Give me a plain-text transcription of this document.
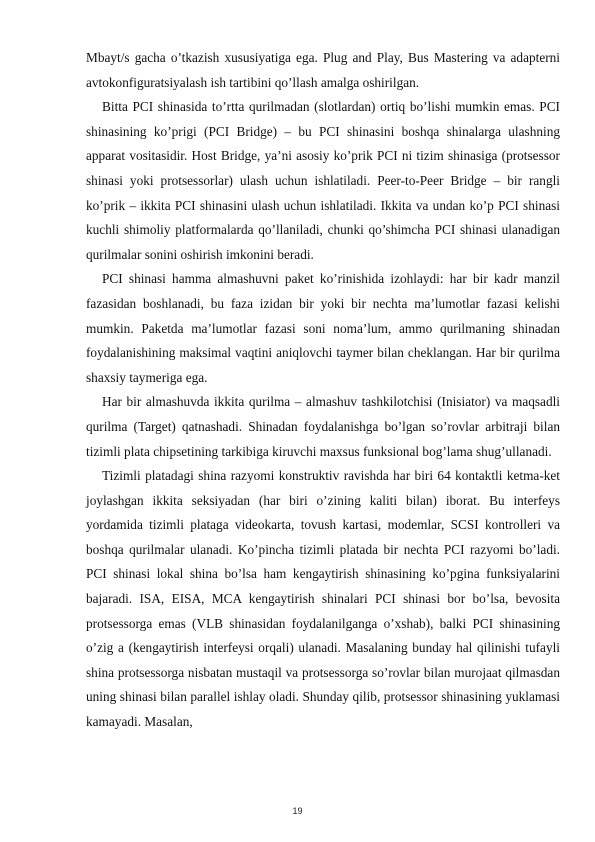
Mbayt/s gacha o’tkazish xususiyatiga ega. Plug and Play, Bus Mastering va adapterni avtokonfiguratsiyalash ish tartibini qo’llash amalga oshirilgan.

Bitta PCI shinasida to’rtta qurilmadan (slotlardan) ortiq bo’lishi mumkin emas. PCI shinasining ko’prigi (PCI Bridge) – bu PCI shinasini boshqa shinalarga ulashning apparat vositasidir. Host Bridge, ya’ni asosiy ko’prik PCI ni tizim shinasiga (protsessor shinasi yoki protsessorlar) ulash uchun ishlatiladi. Peer-to-Peer Bridge – bir rangli ko’prik – ikkita PCI shinasini ulash uchun ishlatiladi. Ikkita va undan ko’p PCI shinasi kuchli shimoliy platformalarda qo’llaniladi, chunki qo’shimcha PCI shinasi ulanadigan qurilmalar sonini oshirish imkonini beradi.

PCI shinasi hamma almashuvni paket ko’rinishida izohlaydi: har bir kadr manzil fazasidan boshlanadi, bu faza izidan bir yoki bir nechta ma’lumotlar fazasi kelishi mumkin. Paketda ma’lumotlar fazasi soni noma’lum, ammo qurilmaning shinadan foydalanishining maksimal vaqtini aniqlovchi taymer bilan cheklangan. Har bir qurilma shaxsiy taymeriga ega.

Har bir almashuvda ikkita qurilma – almashuv tashkilotchisi (Inisiator) va maqsadli qurilma (Target) qatnashadi. Shinadan foydalanishga bo’lgan so’rovlar arbitraji bilan tizimli plata chipsetining tarkibiga kiruvchi maxsus funksional bog’lama shug’ullanadi.

Tizimli platadagi shina razyomi konstruktiv ravishda har biri 64 kontaktli ketma-ket joylashgan ikkita seksiyadan (har biri o’zining kaliti bilan) iborat. Bu interfeys yordamida tizimli plataga videokarta, tovush kartasi, modemlar, SCSI kontrolleri va boshqa qurilmalar ulanadi. Ko’pincha tizimli platada bir nechta PCI razyomi bo’ladi. PCI shinasi lokal shina bo’lsa ham kengaytirish shinasining ko’pgina funksiyalarini bajaradi. ISA, EISA, MCA kengaytirish shinalari PCI shinasi bor bo’lsa, bevosita protsessorga emas (VLB shinasidan foydalanilganga o’xshab), balki PCI shinasining o’zig a (kengaytirish interfeysi orqali) ulanadi. Masalaning bunday hal qilinishi tufayli shina protsessorga nisbatan mustaqil va protsessorga so’rovlar bilan murojaat qilmasdan uning shinasi bilan parallel ishlay oladi. Shunday qilib, protsessor shinasining yuklamasi kamayadi. Masalan,

19
